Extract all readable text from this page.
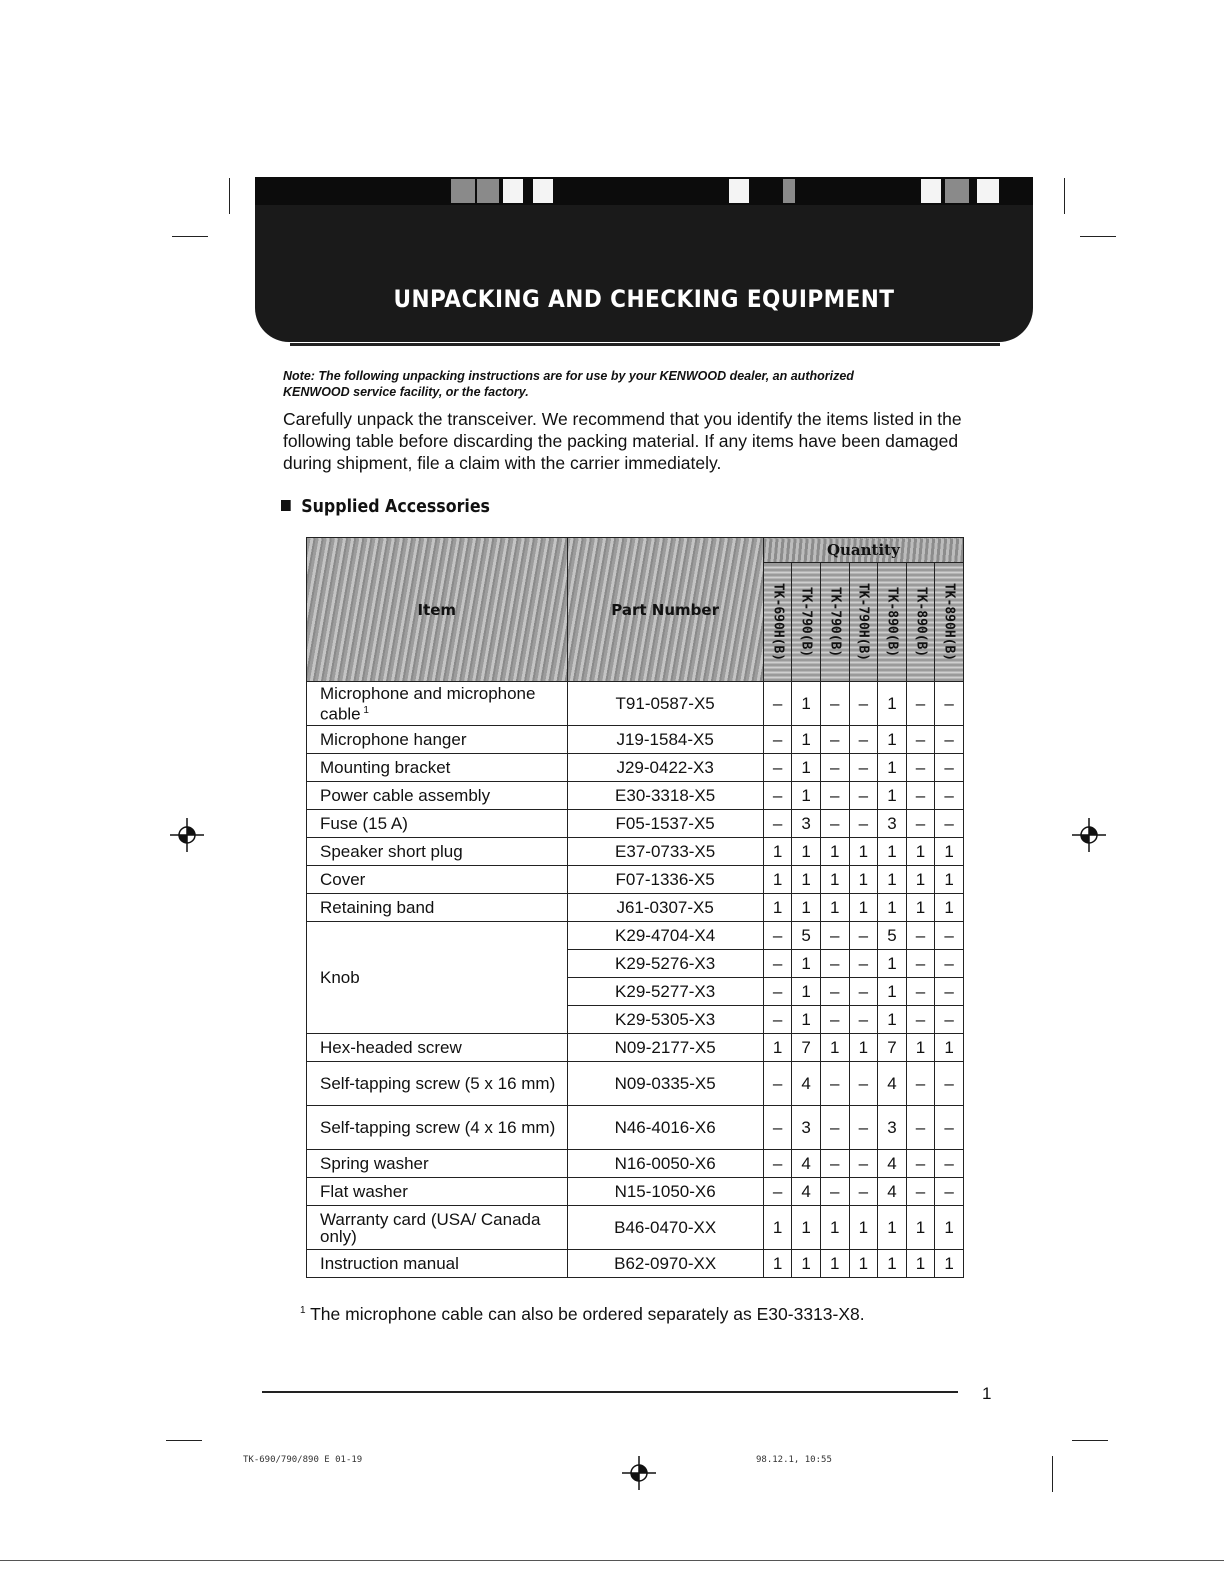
UNPACKING AND CHECKING EQUIPMENT
Note: The following unpacking instructions are for use by your KENWOOD dealer, an authorized
KENWOOD service facility, or the factory.
Carefully unpack the transceiver. We recommend that you identify the items listed in the following table before discarding the packing material. If any items have been damaged during shipment, file a claim with the carrier immediately.
Supplied Accessories
Item	Part Number	Quantity						

		TK-690H(B)	TK-790(B)	TK-790(B)	TK-790H(B)	TK-890(B)	TK-890(B)	TK-890H(B)

Microphone and microphone cable $^1$	T91-0587-X5	–	1	–	–	1	–	–
Microphone hanger	J19-1584-X5	–	1	–	–	1	–	–
Mounting bracket	J29-0422-X3	–	1	–	–	1	–	–
Power cable assembly	E30-3318-X5	–	1	–	–	1	–	–
Fuse (15 A)	F05-1537-X5	–	3	–	–	3	–	–
Speaker short plug	E37-0733-X5	1	1	1	1	1	1	1
Cover	F07-1336-X5	1	1	1	1	1	1	1
Retaining band	J61-0307-X5	1	1	1	1	1	1	1
Knob	K29-4704-X4	–	5	–	–	5	–	–
	K29-5276-X3	–	1	–	–	1	–	–
	K29-5277-X3	–	1	–	–	1	–	–
	K29-5305-X3	–	1	–	–	1	–	–
Hex-headed screw	N09-2177-X5	1	7	1	1	7	1	1
Self-tapping screw (5 x 16 mm)	N09-0335-X5	–	4	–	–	4	–	–
Self-tapping screw (4 x 16 mm)	N46-4016-X6	–	3	–	–	3	–	–
Spring washer	N16-0050-X6	–	4	–	–	4	–	–
Flat washer	N15-1050-X6	–	4	–	–	4	–	–
Warranty card (USA/ Canada only)	B46-0470-XX	1	1	1	1	1	1	1
Instruction manual	B62-0970-XX	1	1	1	1	1	1	1
$^1$ The microphone cable can also be ordered separately as E30-3313-X8.
1
TK-690/790/890 E 01-19	98.12.1, 10:55
